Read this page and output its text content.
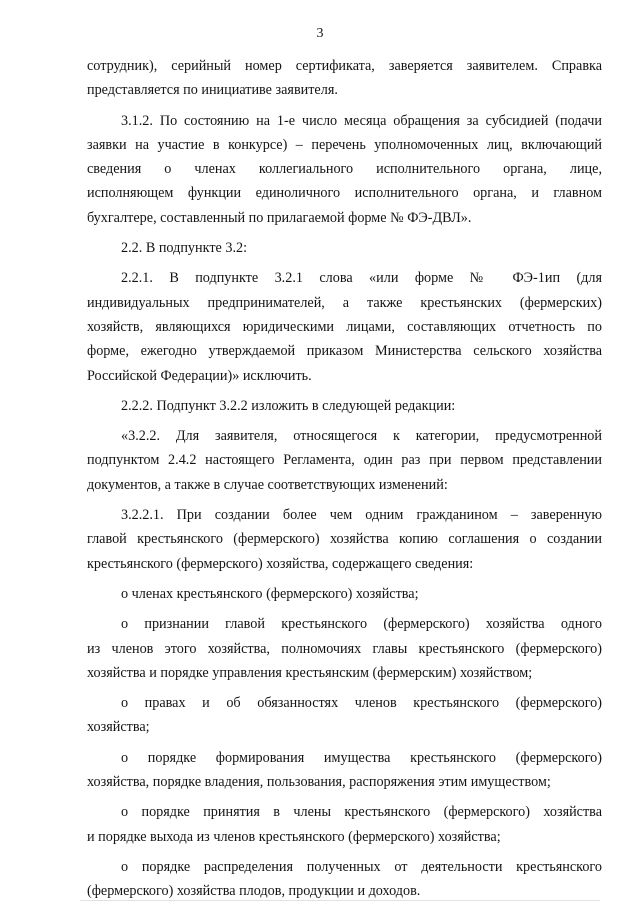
3
сотрудник), серийный номер сертификата, заверяется заявителем. Справка
представляется по инициативе заявителя.
3.1.2. По состоянию на 1-е число месяца обращения за субсидией (подачи
заявки на участие в конкурсе) – перечень уполномоченных лиц, включающий
сведения о членах коллегиального исполнительного органа, лице,
исполняющем функции единоличного исполнительного органа, и главном
бухгалтере, составленный по прилагаемой форме № ФЭ-ДВЛ».
2.2. В подпункте 3.2:
2.2.1. В подпункте 3.2.1 слова «или форме № ФЭ-1ип (для
индивидуальных предпринимателей, а также крестьянских (фермерских)
хозяйств, являющихся юридическими лицами, составляющих отчетность по
форме, ежегодно утверждаемой приказом Министерства сельского хозяйства
Российской Федерации)» исключить.
2.2.2. Подпункт 3.2.2 изложить в следующей редакции:
«3.2.2. Для заявителя, относящегося к категории, предусмотренной
подпунктом 2.4.2 настоящего Регламента, один раз при первом представлении
документов, а также в случае соответствующих изменений:
3.2.2.1. При создании более чем одним гражданином – заверенную
главой крестьянского (фермерского) хозяйства копию соглашения о создании
крестьянского (фермерского) хозяйства, содержащего сведения:
о членах крестьянского (фермерского) хозяйства;
о признании главой крестьянского (фермерского) хозяйства одного
из членов этого хозяйства, полномочиях главы крестьянского (фермерского)
хозяйства и порядке управления крестьянским (фермерским) хозяйством;
о правах и об обязанностях членов крестьянского (фермерского)
хозяйства;
о порядке формирования имущества крестьянского (фермерского)
хозяйства, порядке владения, пользования, распоряжения этим имуществом;
о порядке принятия в члены крестьянского (фермерского) хозяйства
и порядке выхода из членов крестьянского (фермерского) хозяйства;
о порядке распределения полученных от деятельности крестьянского
(фермерского) хозяйства плодов, продукции и доходов.
